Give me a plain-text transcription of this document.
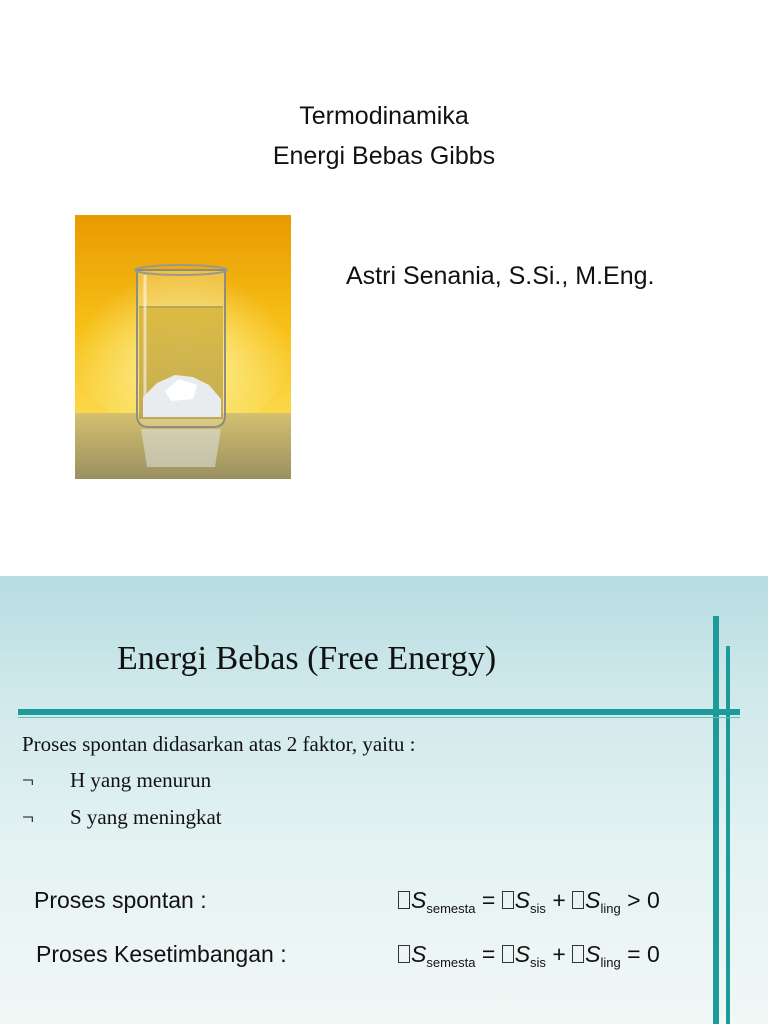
Termodinamika
Energi Bebas Gibbs
Astri Senania, S.Si., M.Eng.
Energi Bebas (Free Energy)
Proses spontan didasarkan atas 2 faktor, yaitu :
¬ H yang menurun
¬ S yang meningkat
Proses spontan :	$S_{semesta} = S_{sis} + S_{ling} > 0$
Proses Kesetimbangan :	$S_{semesta} = S_{sis} + S_{ling} = 0$
